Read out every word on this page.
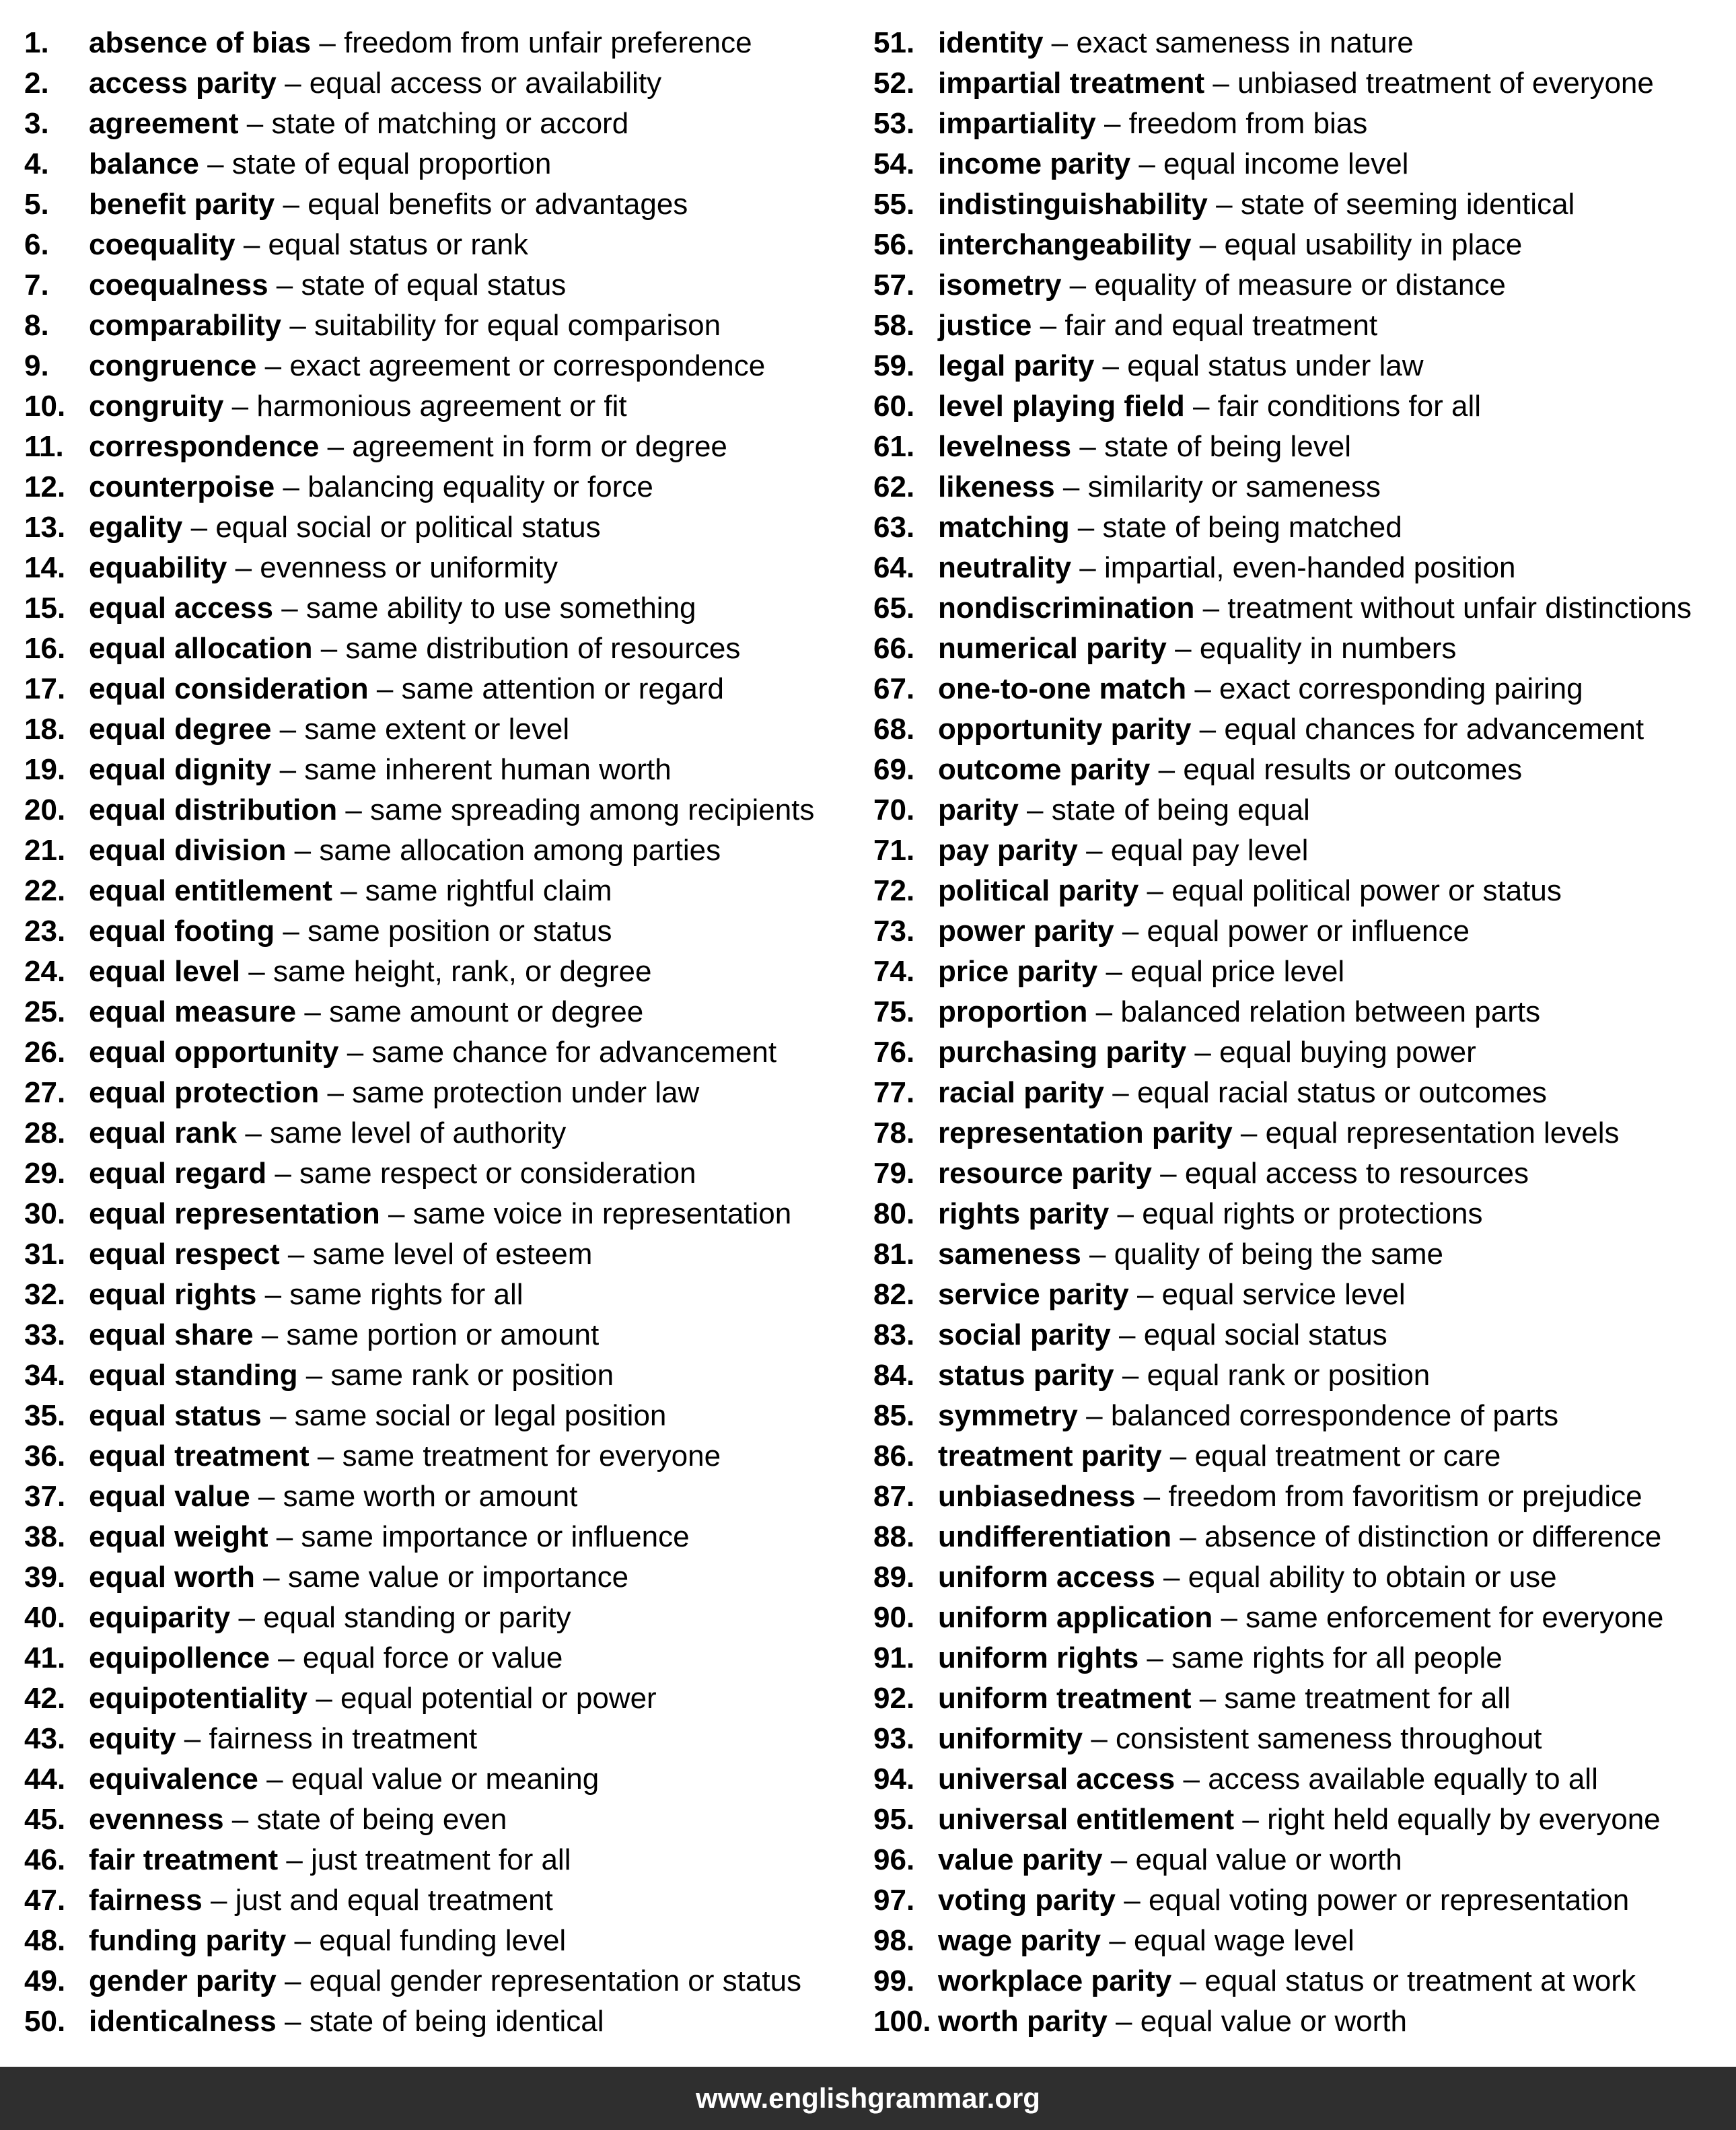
1. absence of bias – freedom from unfair preference
2. access parity – equal access or availability
3. agreement – state of matching or accord
4. balance – state of equal proportion
5. benefit parity – equal benefits or advantages
6. coequality – equal status or rank
7. coequalness – state of equal status
8. comparability – suitability for equal comparison
9. congruence – exact agreement or correspondence
10. congruity – harmonious agreement or fit
11. correspondence – agreement in form or degree
12. counterpoise – balancing equality or force
13. egality – equal social or political status
14. equability – evenness or uniformity
15. equal access – same ability to use something
16. equal allocation – same distribution of resources
17. equal consideration – same attention or regard
18. equal degree – same extent or level
19. equal dignity – same inherent human worth
20. equal distribution – same spreading among recipients
21. equal division – same allocation among parties
22. equal entitlement – same rightful claim
23. equal footing – same position or status
24. equal level – same height, rank, or degree
25. equal measure – same amount or degree
26. equal opportunity – same chance for advancement
27. equal protection – same protection under law
28. equal rank – same level of authority
29. equal regard – same respect or consideration
30. equal representation – same voice in representation
31. equal respect – same level of esteem
32. equal rights – same rights for all
33. equal share – same portion or amount
34. equal standing – same rank or position
35. equal status – same social or legal position
36. equal treatment – same treatment for everyone
37. equal value – same worth or amount
38. equal weight – same importance or influence
39. equal worth – same value or importance
40. equiparity – equal standing or parity
41. equipollence – equal force or value
42. equipotentiality – equal potential or power
43. equity – fairness in treatment
44. equivalence – equal value or meaning
45. evenness – state of being even
46. fair treatment – just treatment for all
47. fairness – just and equal treatment
48. funding parity – equal funding level
49. gender parity – equal gender representation or status
50. identicalness – state of being identical
51. identity – exact sameness in nature
52. impartial treatment – unbiased treatment of everyone
53. impartiality – freedom from bias
54. income parity – equal income level
55. indistinguishability – state of seeming identical
56. interchangeability – equal usability in place
57. isometry – equality of measure or distance
58. justice – fair and equal treatment
59. legal parity – equal status under law
60. level playing field – fair conditions for all
61. levelness – state of being level
62. likeness – similarity or sameness
63. matching – state of being matched
64. neutrality – impartial, even-handed position
65. nondiscrimination – treatment without unfair distinctions
66. numerical parity – equality in numbers
67. one-to-one match – exact corresponding pairing
68. opportunity parity – equal chances for advancement
69. outcome parity – equal results or outcomes
70. parity – state of being equal
71. pay parity – equal pay level
72. political parity – equal political power or status
73. power parity – equal power or influence
74. price parity – equal price level
75. proportion – balanced relation between parts
76. purchasing parity – equal buying power
77. racial parity – equal racial status or outcomes
78. representation parity – equal representation levels
79. resource parity – equal access to resources
80. rights parity – equal rights or protections
81. sameness – quality of being the same
82. service parity – equal service level
83. social parity – equal social status
84. status parity – equal rank or position
85. symmetry – balanced correspondence of parts
86. treatment parity – equal treatment or care
87. unbiasedness – freedom from favoritism or prejudice
88. undifferentiation – absence of distinction or difference
89. uniform access – equal ability to obtain or use
90. uniform application – same enforcement for everyone
91. uniform rights – same rights for all people
92. uniform treatment – same treatment for all
93. uniformity – consistent sameness throughout
94. universal access – access available equally to all
95. universal entitlement – right held equally by everyone
96. value parity – equal value or worth
97. voting parity – equal voting power or representation
98. wage parity – equal wage level
99. workplace parity – equal status or treatment at work
100. worth parity – equal value or worth
www.englishgrammar.org
